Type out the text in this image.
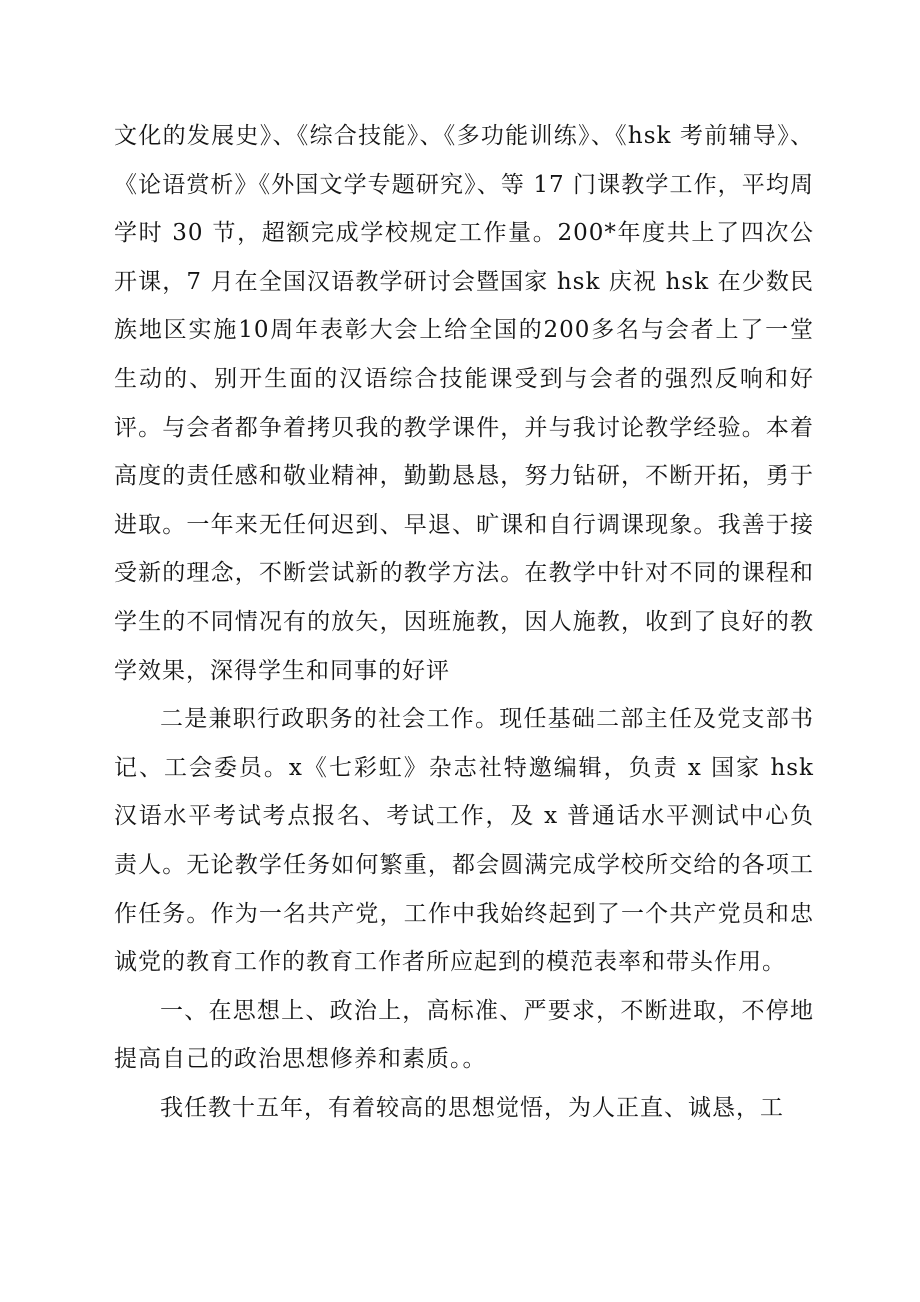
文化的发展史》、《综合技能》、《多功能训练》、《hsk 考前辅导》、《论语赏析》《外国文学专题研究》、等 17 门课教学工作，平均周学时 30 节，超额完成学校规定工作量。200*年度共上了四次公开课，7 月在全国汉语教学研讨会暨国家 hsk 庆祝 hsk 在少数民族地区实施10周年表彰大会上给全国的200多名与会者上了一堂生动的、别开生面的汉语综合技能课受到与会者的强烈反响和好评。与会者都争着拷贝我的教学课件，并与我讨论教学经验。本着高度的责任感和敬业精神，勤勤恳恳，努力钻研，不断开拓，勇于进取。一年来无任何迟到、早退、旷课和自行调课现象。我善于接受新的理念，不断尝试新的教学方法。在教学中针对不同的课程和学生的不同情况有的放矢，因班施教，因人施教，收到了良好的教学效果，深得学生和同事的好评

二是兼职行政职务的社会工作。现任基础二部主任及党支部书记、工会委员。x《七彩虹》杂志社特邀编辑，负责 x 国家 hsk 汉语水平考试考点报名、考试工作，及 x 普通话水平测试中心负责人。无论教学任务如何繁重，都会圆满完成学校所交给的各项工作任务。作为一名共产党，工作中我始终起到了一个共产党员和忠诚党的教育工作的教育工作者所应起到的模范表率和带头作用。

一、在思想上、政治上，高标准、严要求，不断进取，不停地提高自己的政治思想修养和素质。。

我任教十五年，有着较高的思想觉悟，为人正直、诚恳，工
